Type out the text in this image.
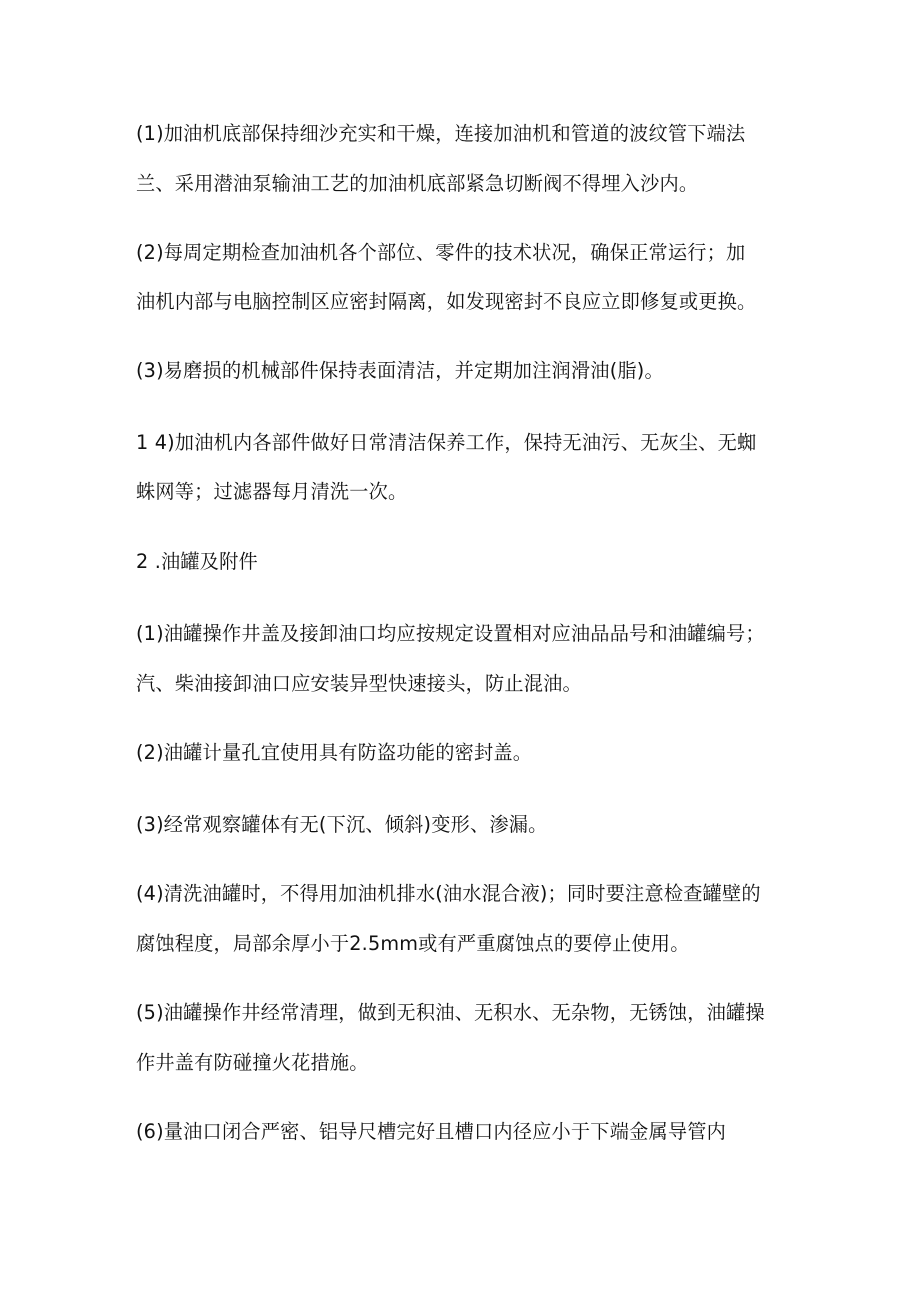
(1)加油机底部保持细沙充实和干燥，连接加油机和管道的波纹管下端法
兰、采用潜油泵输油工艺的加油机底部紧急切断阀不得埋入沙内。
(2)每周定期检查加油机各个部位、零件的技术状况，确保正常运行；加
油机内部与电脑控制区应密封隔离，如发现密封不良应立即修复或更换。
(3)易磨损的机械部件保持表面清洁，并定期加注润滑油(脂)。
1 4)加油机内各部件做好日常清洁保养工作，保持无油污、无灰尘、无蜘
蛛网等；过滤器每月清洗一次。
2 .油罐及附件
(1)油罐操作井盖及接卸油口均应按规定设置相对应油品品号和油罐编号；
汽、柴油接卸油口应安装异型快速接头，防止混油。
(2)油罐计量孔宜使用具有防盗功能的密封盖。
(3)经常观察罐体有无(下沉、倾斜)变形、渗漏。
(4)清洗油罐时，不得用加油机排水(油水混合液)；同时要注意检查罐壁的
腐蚀程度，局部余厚小于2.5mm或有严重腐蚀点的要停止使用。
(5)油罐操作井经常清理，做到无积油、无积水、无杂物，无锈蚀，油罐操
作井盖有防碰撞火花措施。
(6)量油口闭合严密、铝导尺槽完好且槽口内径应小于下端金属导管内
